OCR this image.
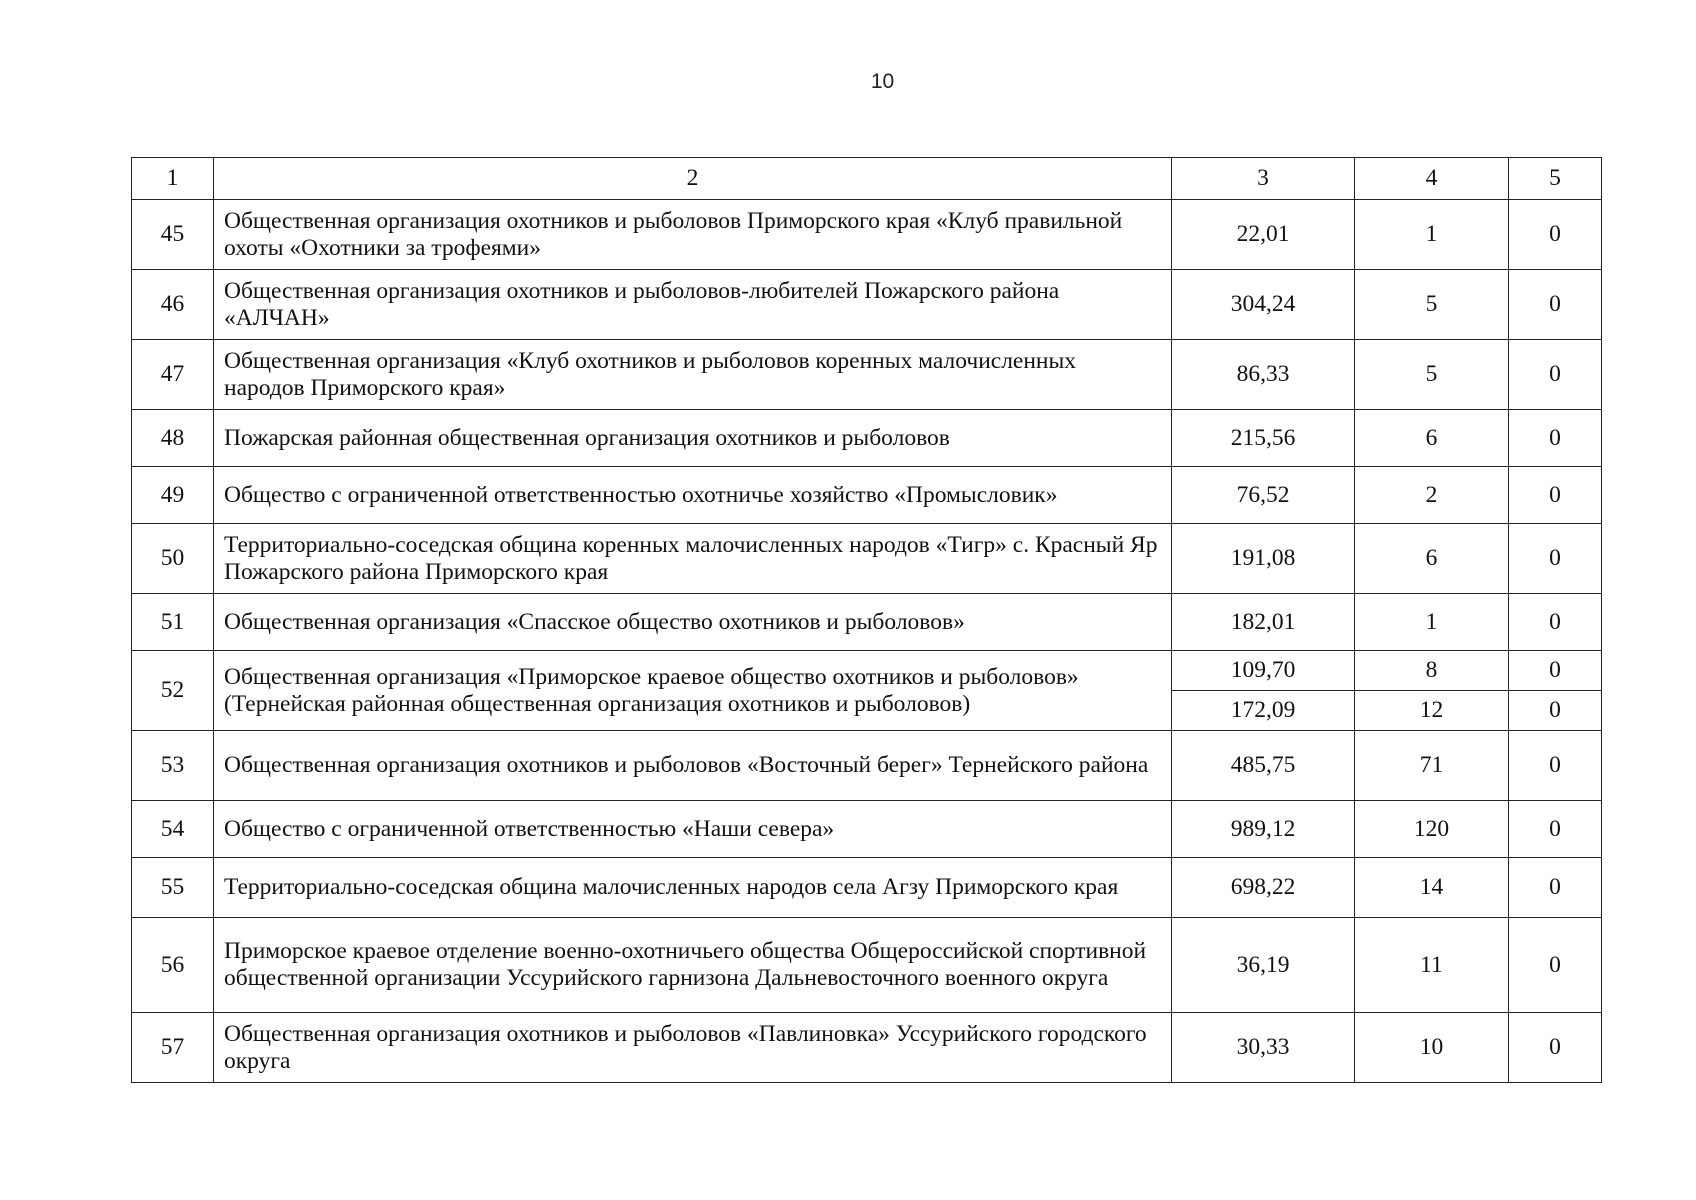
10
1	2	3	4	5
45	Общественная организация охотников и рыболовов Приморского края «Клуб правильной охоты «Охотники за трофеями»	22,01	1	0
46	Общественная организация охотников и рыболовов-любителей Пожарского района «АЛЧАН»	304,24	5	0
47	Общественная организация «Клуб охотников и рыболовов коренных малочисленных народов Приморского края»	86,33	5	0
48	Пожарская районная общественная организация охотников и рыболовов	215,56	6	0
49	Общество с ограниченной ответственностью охотничье хозяйство «Промысловик»	76,52	2	0
50	Территориально-соседская община коренных малочисленных народов «Тигр» с. Красный Яр Пожарского района Приморского края	191,08	6	0
51	Общественная организация «Спасское общество охотников и рыболовов»	182,01	1	0
52	Общественная организация «Приморское краевое общество охотников и рыболовов» (Тернейская районная общественная организация охотников и рыболовов)	109,70	8	0
		172,09	12	0
53	Общественная организация охотников и рыболовов «Восточный берег» Тернейского района	485,75	71	0
54	Общество с ограниченной ответственностью «Наши севера»	989,12	120	0
55	Территориально-соседская община малочисленных народов села Агзу Приморского края	698,22	14	0
56	Приморское краевое отделение военно-охотничьего общества Общероссийской спортивной общественной организации Уссурийского гарнизона Дальневосточного военного округа	36,19	11	0
57	Общественная организация охотников и рыболовов «Павлиновка» Уссурийского городского округа	30,33	10	0
